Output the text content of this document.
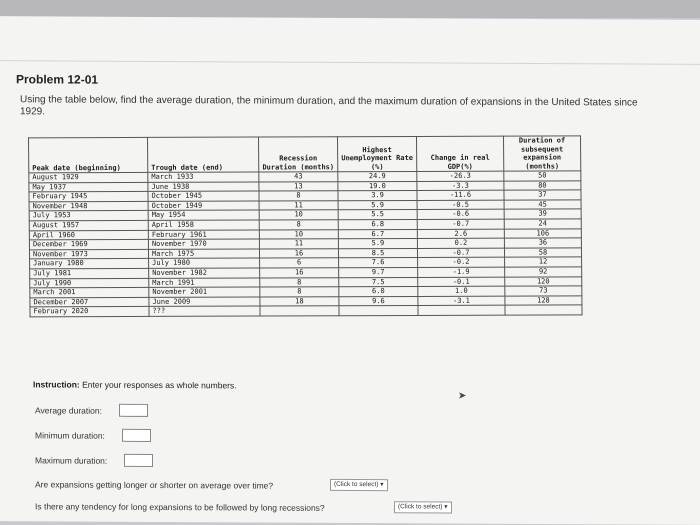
Problem 12-01
Using the table below, find the average duration, the minimum duration, and the maximum duration of expansions in the United States since 1929.
Peak date (beginning)	Trough date (end)	Recession Duration (months)	Highest Unemployment Rate (%)	Change in real GDP(%)	Duration of subsequent expansion (months)
August 1929	March 1933	43	24.9	-26.3	50
May 1937	June 1938	13	19.0	-3.3	80
February 1945	October 1945	8	3.9	-11.6	37
November 1948	October 1949	11	5.9	-0.5	45
July 1953	May 1954	10	5.5	-0.6	39
August 1957	April 1958	8	6.8	-0.7	24
April 1960	February 1961	10	6.7	2.6	106
December 1969	November 1970	11	5.9	0.2	36
November 1973	March 1975	16	8.5	-0.7	58
January 1980	July 1980	6	7.6	-0.2	12
July 1981	November 1982	16	9.7	-1.9	92
July 1990	March 1991	8	7.5	-0.1	120
March 2001	November 2001	8	6.0	1.0	73
December 2007	June 2009	18	9.6	-3.1	128
February 2020	???				
Instruction: Enter your responses as whole numbers.
Average duration:
Minimum duration:
Maximum duration:
Are expansions getting longer or shorter on average over time?	(Click to select) ▾
Is there any tendency for long expansions to be followed by long recessions?	(Click to select) ▾
➤
